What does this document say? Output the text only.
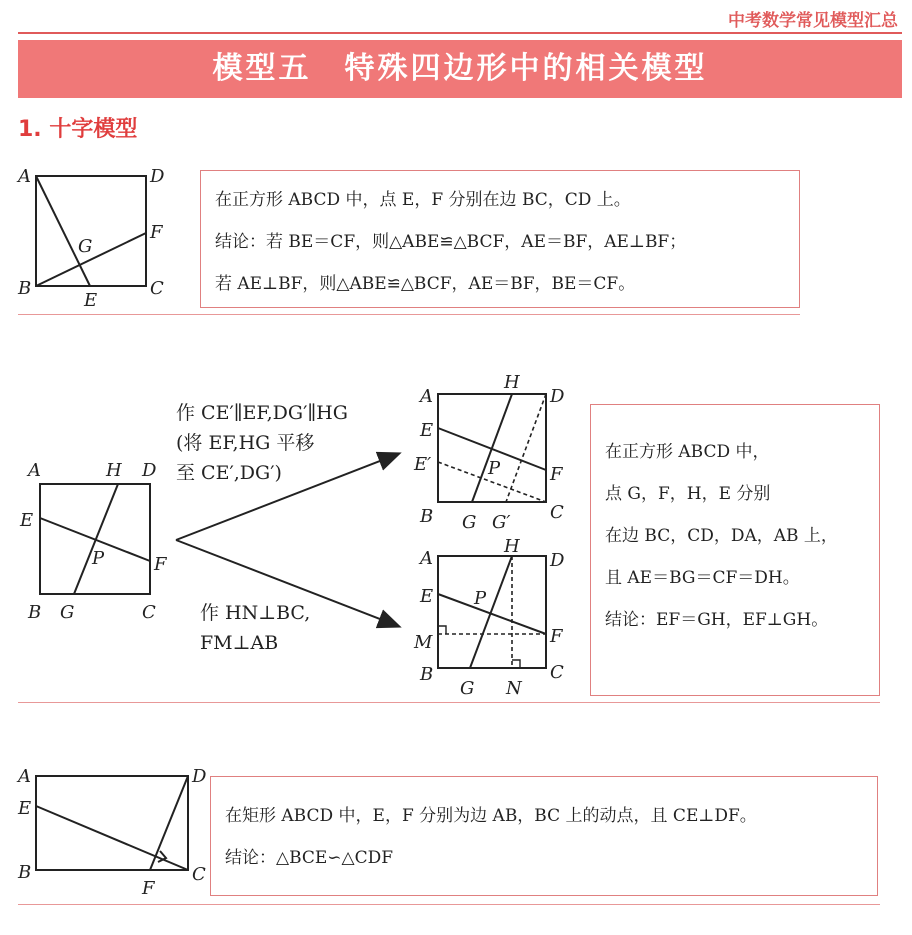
中考数学常见模型汇总
模型五　特殊四边形中的相关模型
1. 十字模型
A	D
B	C
E
F
G

在正方形 ABCD 中，点 E，F 分别在边 BC，CD 上。

结论：若 BE＝CF，则△ABE≌△BCF，AE＝BF，AE⊥BF；

若 AE⊥BF，则△ABE≌△BCF，AE＝BF，BE＝CF。

A	H D
E
P	F
B G	C
作 CE′∥EF,DG′∥HG
(将 EF,HG 平移
至 CE′,DG′)
作 HN⊥BC,
FM⊥AB
A
H
D
E
E′	P	F
B G G′ C
A
H
D
E P
M	F
B
G N
C

在正方形 ABCD 中，

点 G，F，H，E 分别

在边 BC，CD，DA，AB 上，

且 AE＝BG＝CF＝DH。

结论：EF＝GH，EF⊥GH。

A	D
E
B
F
C

在矩形 ABCD 中，E，F 分别为边 AB，BC 上的动点，且 CE⊥DF。

结论：△BCE∽△CDF
